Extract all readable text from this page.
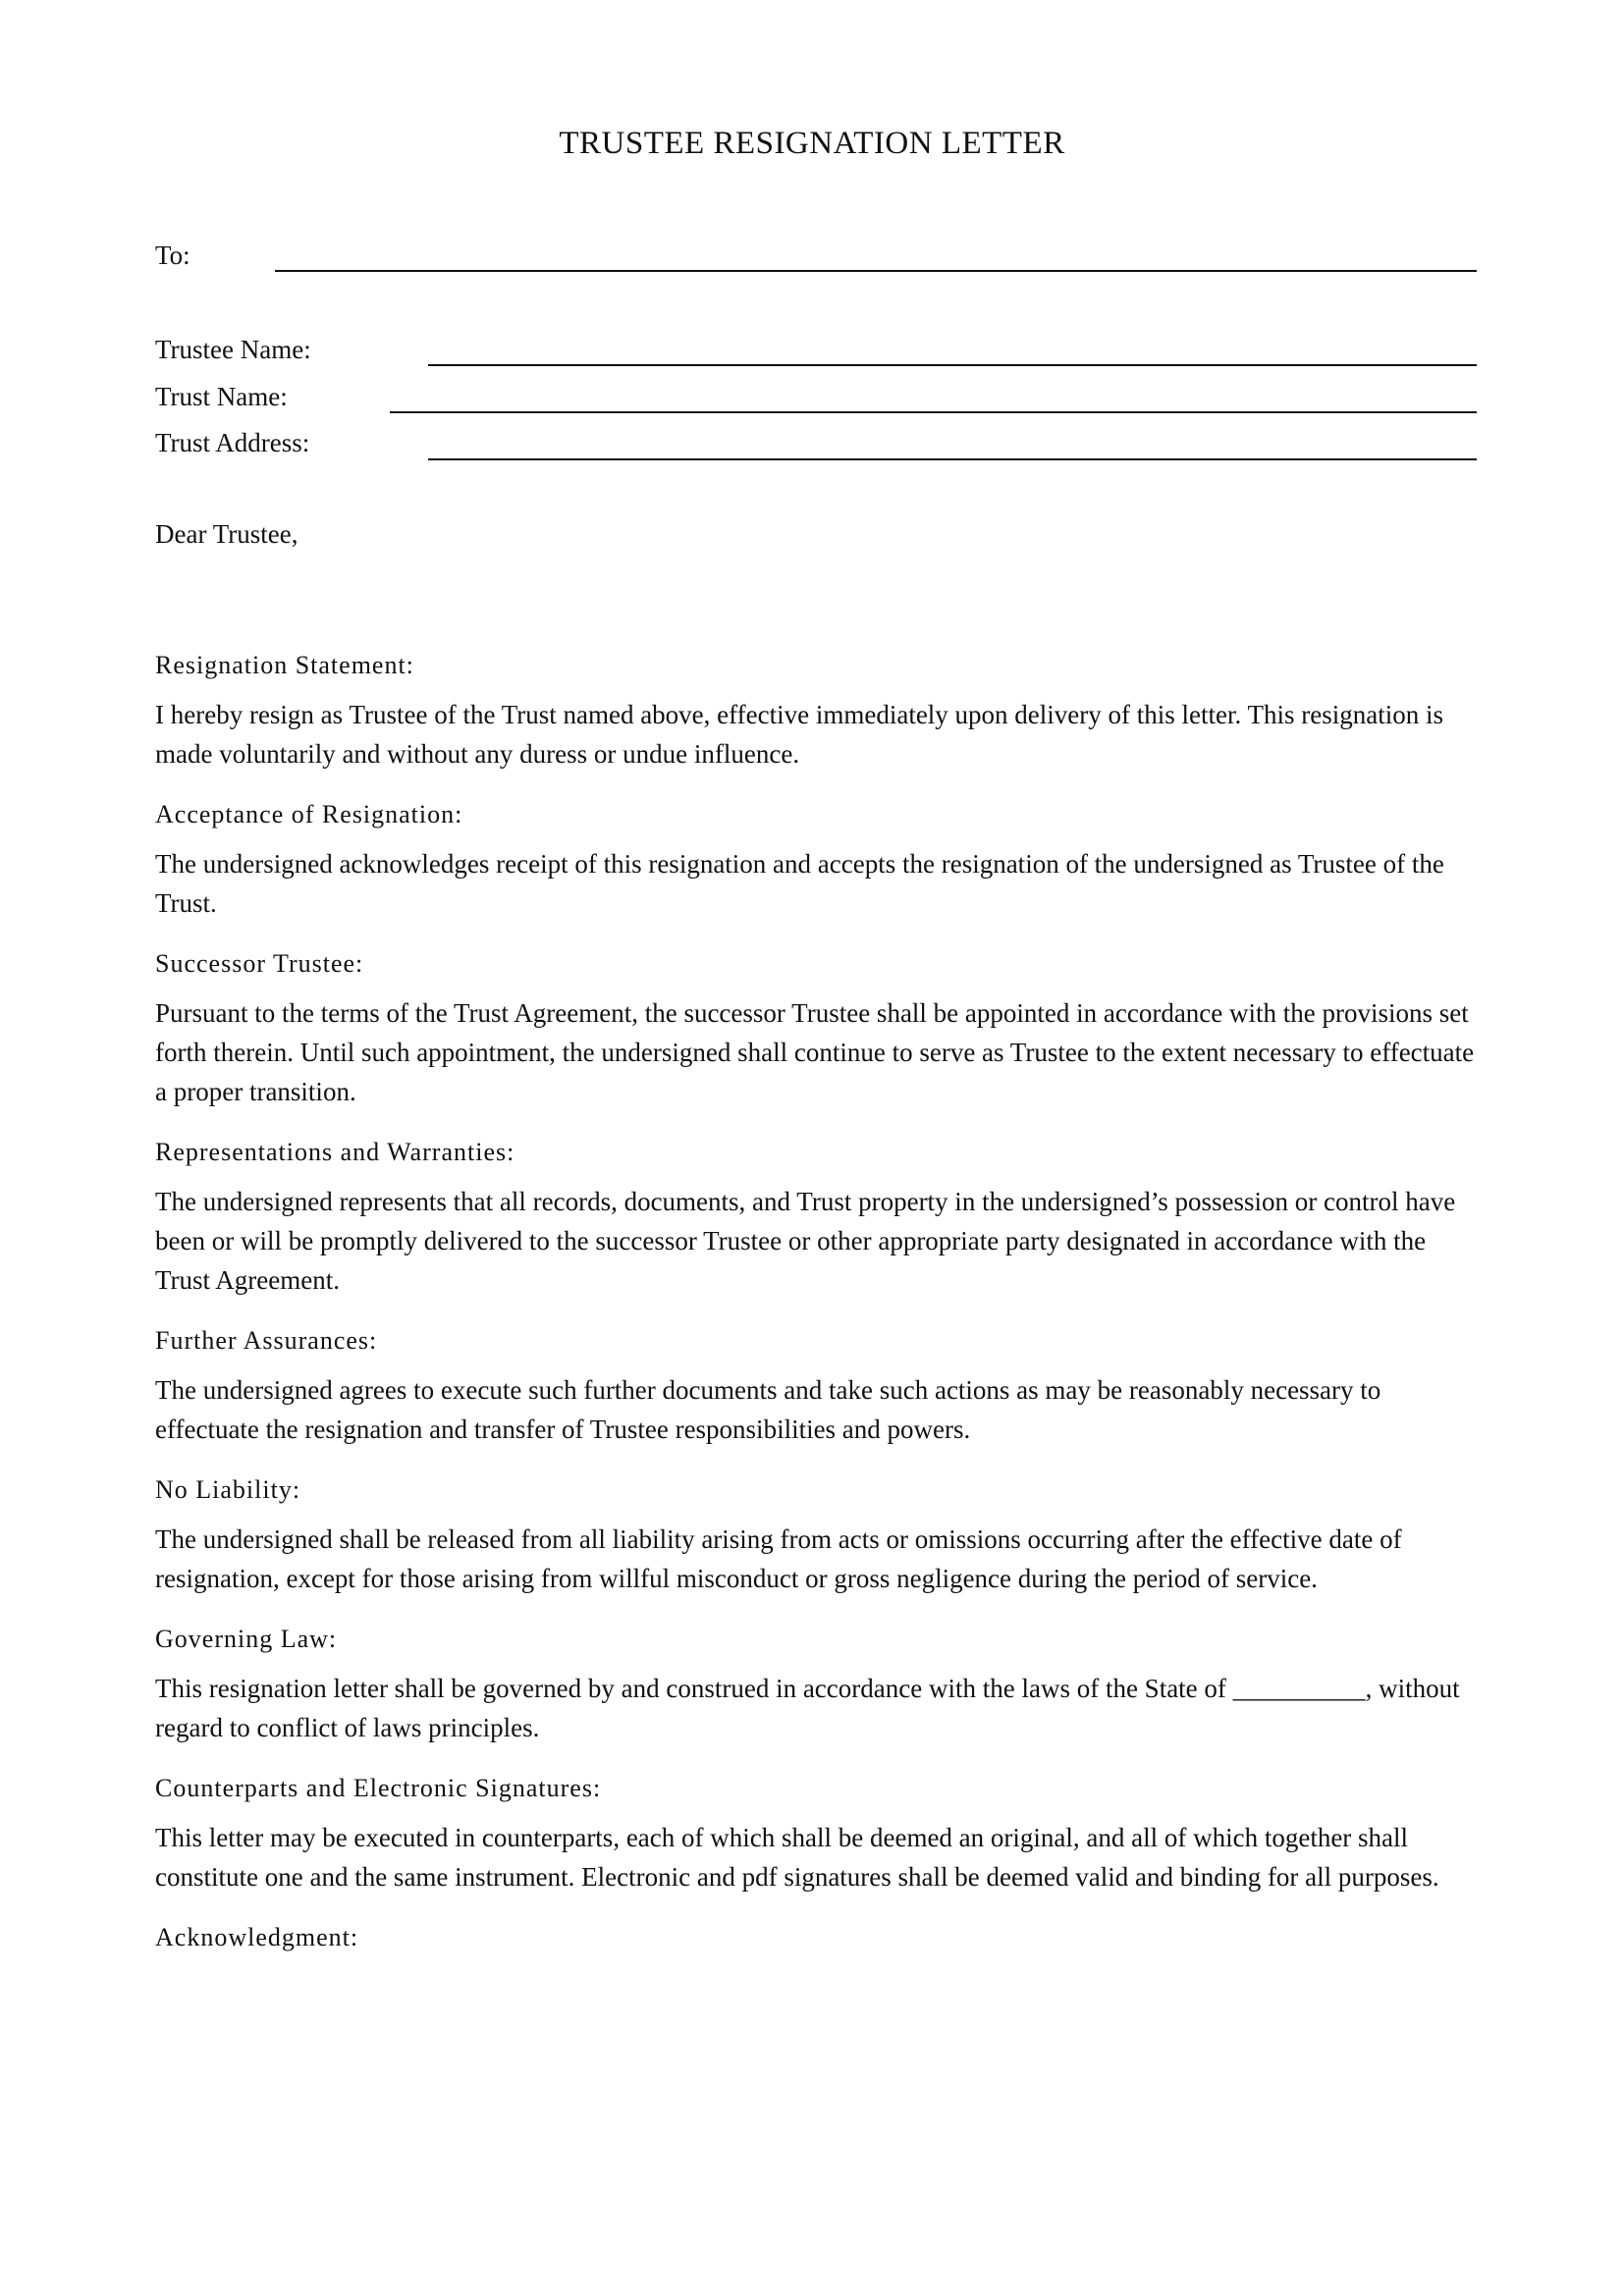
TRUSTEE RESIGNATION LETTER
To:
Trustee Name:
Trust Name:
Trust Address:
Dear Trustee,
Resignation Statement:
I hereby resign as Trustee of the Trust named above, effective immediately upon delivery of this letter. This resignation is made voluntarily and without any duress or undue influence.
Acceptance of Resignation:
The undersigned acknowledges receipt of this resignation and accepts the resignation of the undersigned as Trustee of the Trust.
Successor Trustee:
Pursuant to the terms of the Trust Agreement, the successor Trustee shall be appointed in accordance with the provisions set forth therein. Until such appointment, the undersigned shall continue to serve as Trustee to the extent necessary to effectuate a proper transition.
Representations and Warranties:
The undersigned represents that all records, documents, and Trust property in the undersigned’s possession or control have been or will be promptly delivered to the successor Trustee or other appropriate party designated in accordance with the Trust Agreement.
Further Assurances:
The undersigned agrees to execute such further documents and take such actions as may be reasonably necessary to effectuate the resignation and transfer of Trustee responsibilities and powers.
No Liability:
The undersigned shall be released from all liability arising from acts or omissions occurring after the effective date of resignation, except for those arising from willful misconduct or gross negligence during the period of service.
Governing Law:
This resignation letter shall be governed by and construed in accordance with the laws of the State of __________, without regard to conflict of laws principles.
Counterparts and Electronic Signatures:
This letter may be executed in counterparts, each of which shall be deemed an original, and all of which together shall constitute one and the same instrument. Electronic and pdf signatures shall be deemed valid and binding for all purposes.
Acknowledgment:
